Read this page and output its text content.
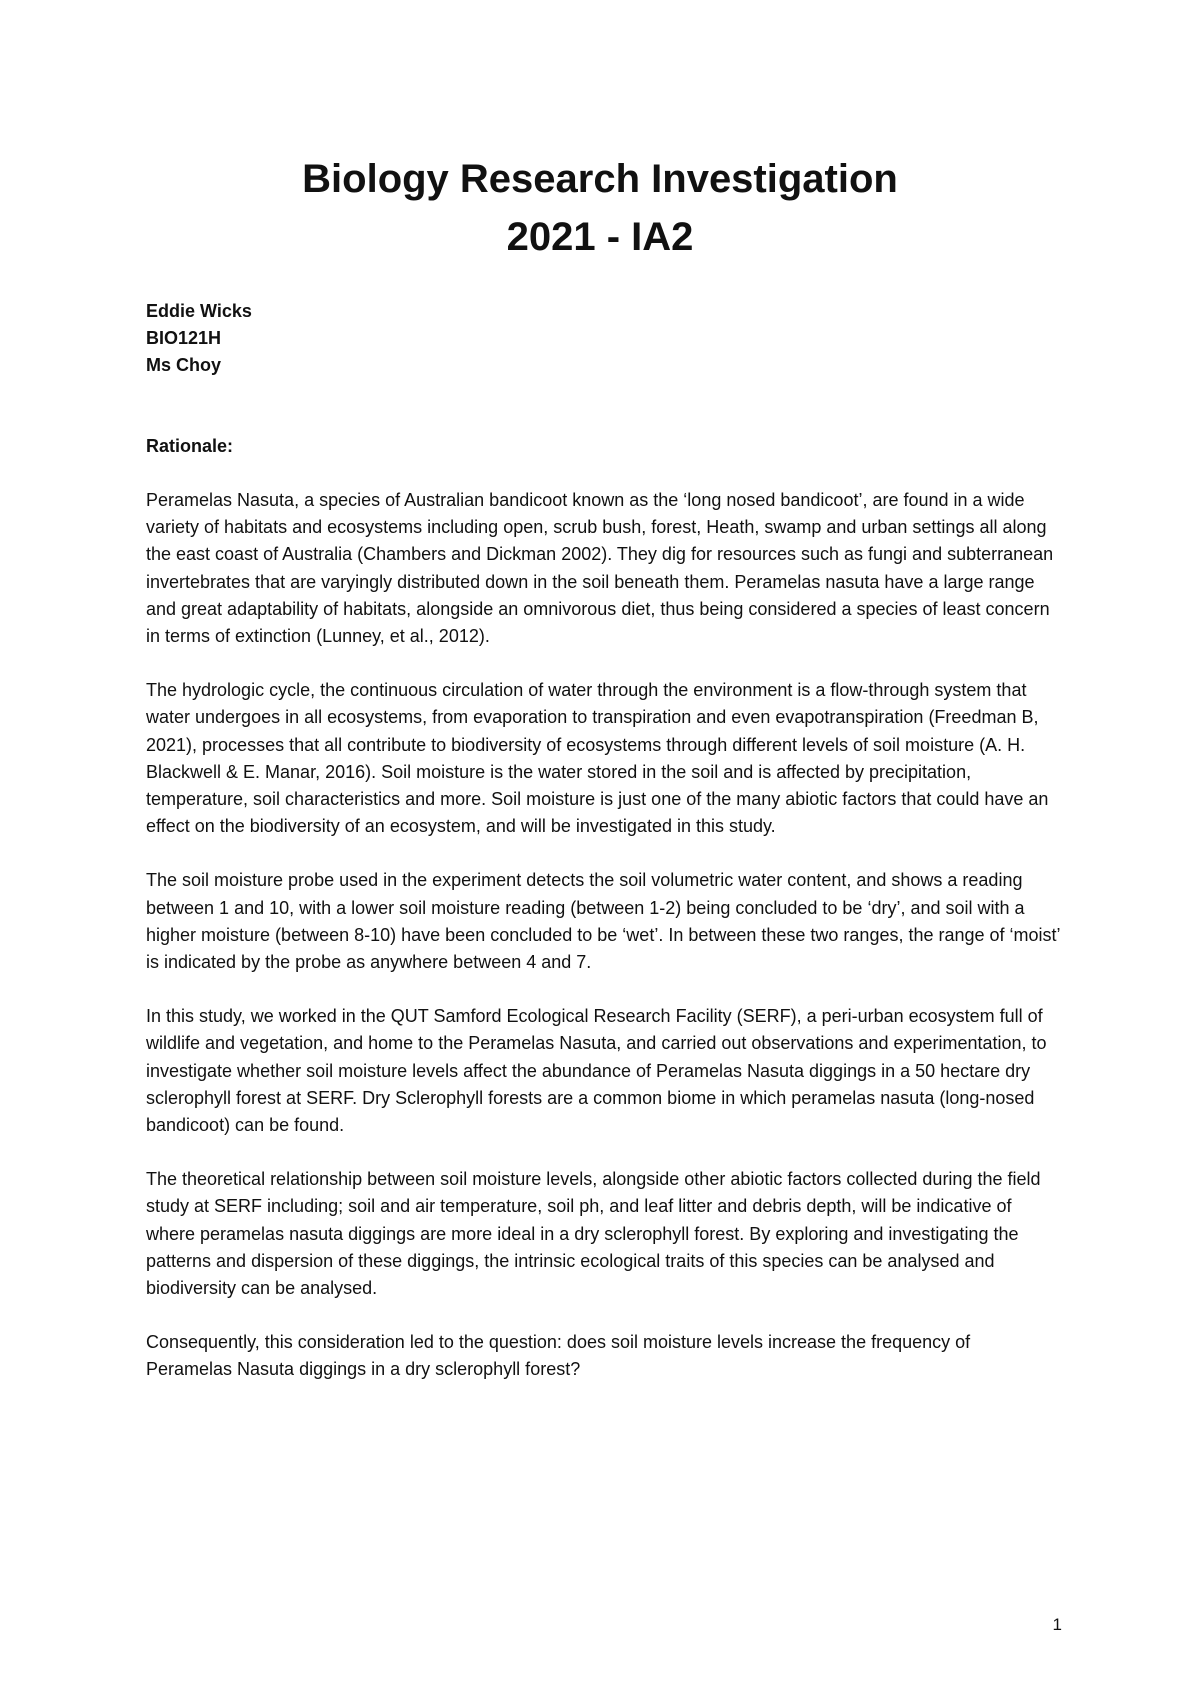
Biology Research Investigation
2021 - IA2
Eddie Wicks
BIO121H
Ms Choy
Rationale:

Peramelas Nasuta, a species of Australian bandicoot known as the ‘long nosed bandicoot’, are found in a wide variety of habitats and ecosystems including open, scrub bush, forest, Heath, swamp and urban settings all along the east coast of Australia (Chambers and Dickman 2002). They dig for resources such as fungi and subterranean invertebrates that are varyingly distributed down in the soil beneath them. Peramelas nasuta have a large range and great adaptability of habitats, alongside an omnivorous diet, thus being considered a species of least concern in terms of extinction (Lunney, et al., 2012).

The hydrologic cycle, the continuous circulation of water through the environment is a flow-through system that water undergoes in all ecosystems, from evaporation to transpiration and even evapotranspiration (Freedman B, 2021), processes that all contribute to biodiversity of ecosystems through different levels of soil moisture (A. H. Blackwell & E. Manar, 2016). Soil moisture is the water stored in the soil and is affected by precipitation, temperature, soil characteristics and more. Soil moisture is just one of the many abiotic factors that could have an effect on the biodiversity of an ecosystem, and will be investigated in this study.

The soil moisture probe used in the experiment detects the soil volumetric water content, and shows a reading between 1 and 10, with a lower soil moisture reading (between 1-2) being concluded to be ‘dry’, and soil with a higher moisture (between 8-10) have been concluded to be ‘wet’. In between these two ranges, the range of ‘moist’ is indicated by the probe as anywhere between 4 and 7.

In this study, we worked in the QUT Samford Ecological Research Facility (SERF), a peri-urban ecosystem full of wildlife and vegetation, and home to the Peramelas Nasuta, and carried out observations and experimentation, to investigate whether soil moisture levels affect the abundance of Peramelas Nasuta diggings in a 50 hectare dry sclerophyll forest at SERF. Dry Sclerophyll forests are a common biome in which peramelas nasuta (long-nosed bandicoot) can be found.

The theoretical relationship between soil moisture levels, alongside other abiotic factors collected during the field study at SERF including; soil and air temperature, soil ph, and leaf litter and debris depth, will be indicative of where peramelas nasuta diggings are more ideal in a dry sclerophyll forest. By exploring and investigating the patterns and dispersion of these diggings, the intrinsic ecological traits of this species can be analysed and biodiversity can be analysed.

Consequently, this consideration led to the question: does soil moisture levels increase the frequency of Peramelas Nasuta diggings in a dry sclerophyll forest?

1
